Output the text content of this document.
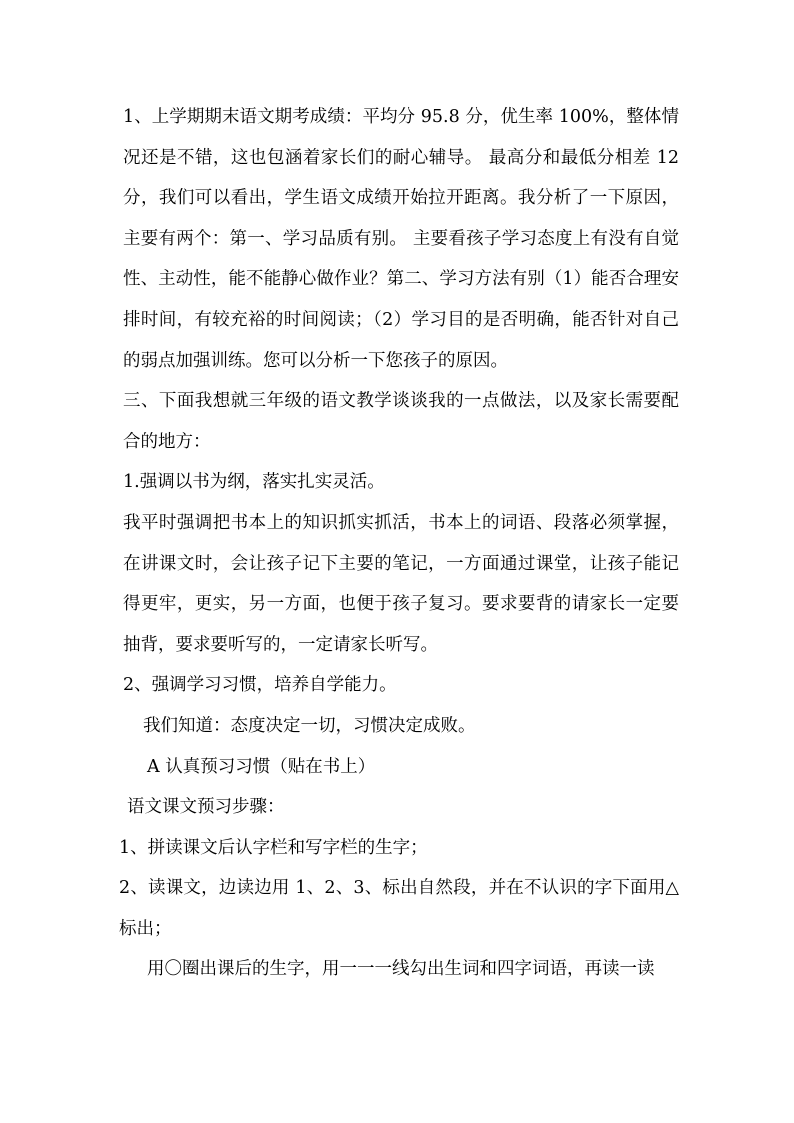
1、上学期期末语文期考成绩：平均分 95.8 分，优生率 100%，整体情况还是不错，这也包涵着家长们的耐心辅导。 最高分和最低分相差 12 分，我们可以看出，学生语文成绩开始拉开距离。我分析了一下原因，主要有两个：第一、学习品质有别。 主要看孩子学习态度上有没有自觉性、主动性，能不能静心做作业？第二、学习方法有别（1）能否合理安排时间，有较充裕的时间阅读；（2）学习目的是否明确，能否针对自己的弱点加强训练。您可以分析一下您孩子的原因。

三、下面我想就三年级的语文教学谈谈我的一点做法，以及家长需要配合的地方：

1.强调以书为纲，落实扎实灵活。

我平时强调把书本上的知识抓实抓活，书本上的词语、段落必须掌握，在讲课文时，会让孩子记下主要的笔记，一方面通过课堂，让孩子能记得更牢，更实，另一方面，也便于孩子复习。要求要背的请家长一定要抽背，要求要听写的，一定请家长听写。

2、强调学习习惯，培养自学能力。

我们知道：态度决定一切，习惯决定成败。

A 认真预习习惯（贴在书上）

语文课文预习步骤：

1、拼读课文后认字栏和写字栏的生字；

2、读课文，边读边用 1、2、3、标出自然段，并在不认识的字下面用△标出；

用〇圈出课后的生字，用一一一线勾出生词和四字词语，再读一读
